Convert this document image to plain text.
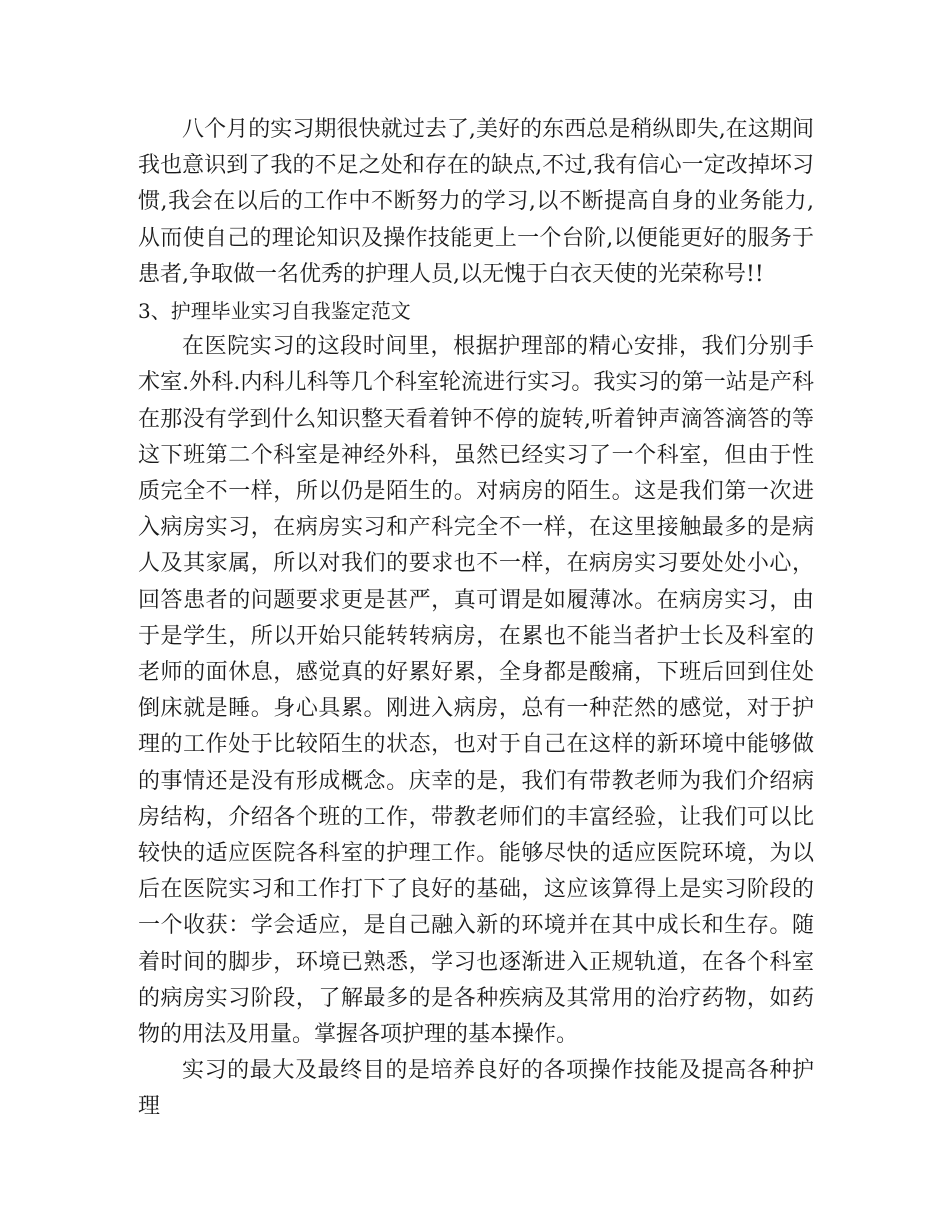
八个月的实习期很快就过去了,美好的东西总是稍纵即失,在这期间我也意识到了我的不足之处和存在的缺点,不过,我有信心一定改掉坏习惯,我会在以后的工作中不断努力的学习,以不断提高自身的业务能力,从而使自己的理论知识及操作技能更上一个台阶,以便能更好的服务于患者,争取做一名优秀的护理人员,以无愧于白衣天使的光荣称号!!

3、护理毕业实习自我鉴定范文

在医院实习的这段时间里，根据护理部的精心安排，我们分别手术室.外科.内科儿科等几个科室轮流进行实习。我实习的第一站是产科在那没有学到什么知识整天看着钟不停的旋转,听着钟声滴答滴答的等这下班第二个科室是神经外科，虽然已经实习了一个科室，但由于性质完全不一样，所以仍是陌生的。对病房的陌生。这是我们第一次进入病房实习，在病房实习和产科完全不一样，在这里接触最多的是病人及其家属，所以对我们的要求也不一样，在病房实习要处处小心，回答患者的问题要求更是甚严，真可谓是如履薄冰。在病房实习，由于是学生，所以开始只能转转病房，在累也不能当者护士长及科室的老师的面休息，感觉真的好累好累，全身都是酸痛，下班后回到住处倒床就是睡。身心具累。刚进入病房，总有一种茫然的感觉，对于护理的工作处于比较陌生的状态，也对于自己在这样的新环境中能够做的事情还是没有形成概念。庆幸的是，我们有带教老师为我们介绍病房结构，介绍各个班的工作，带教老师们的丰富经验，让我们可以比较快的适应医院各科室的护理工作。能够尽快的适应医院环境，为以后在医院实习和工作打下了良好的基础，这应该算得上是实习阶段的一个收获：学会适应，是自己融入新的环境并在其中成长和生存。随着时间的脚步，环境已熟悉，学习也逐渐进入正规轨道，在各个科室的病房实习阶段，了解最多的是各种疾病及其常用的治疗药物，如药物的用法及用量。掌握各项护理的基本操作。

实习的最大及最终目的是培养良好的各项操作技能及提高各种护理
